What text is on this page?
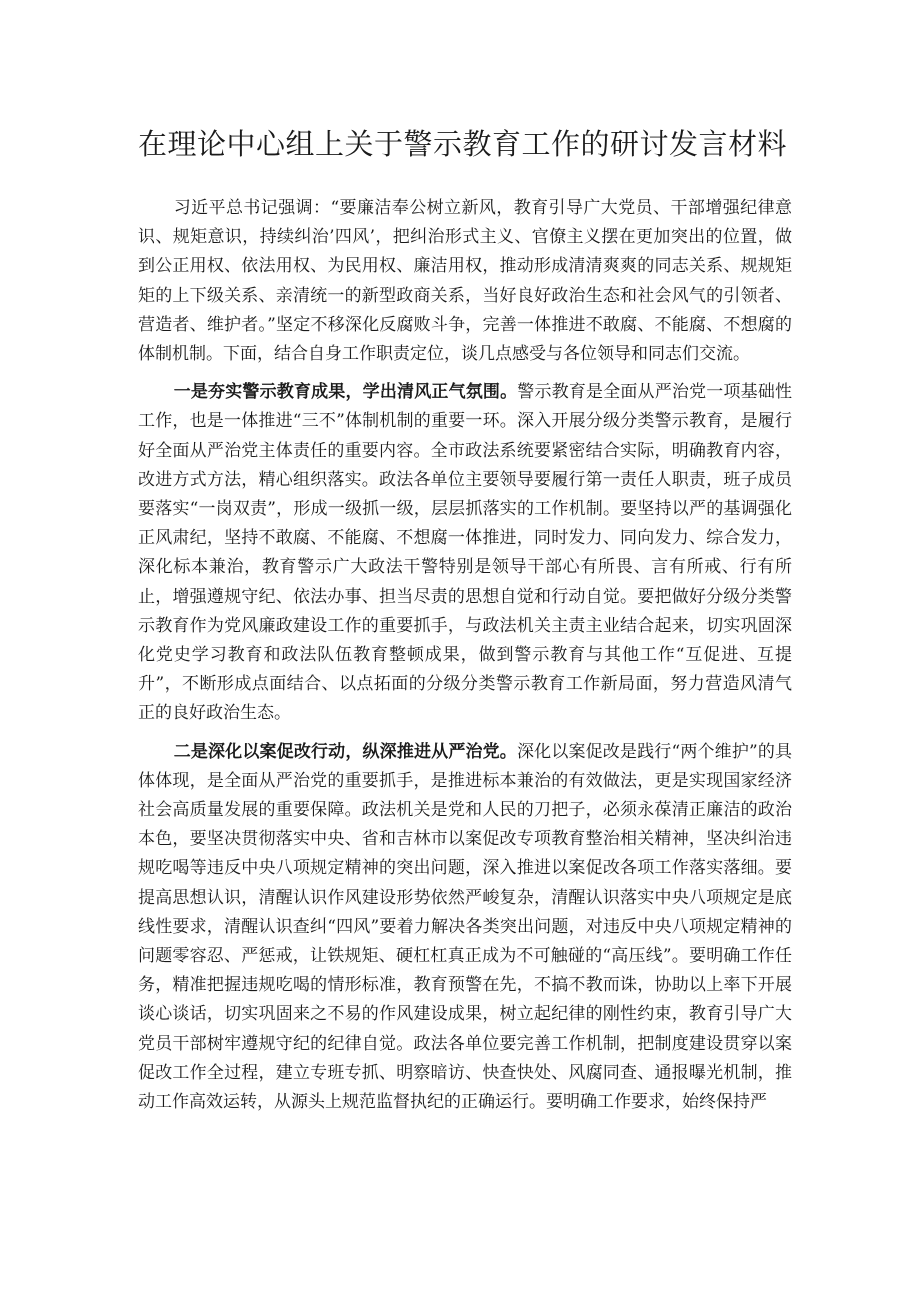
在理论中心组上关于警示教育工作的研讨发言材料

习近平总书记强调：“要廉洁奉公树立新风，教育引导广大党员、干部增强纪律意识、规矩意识，持续纠治’四风’，把纠治形式主义、官僚主义摆在更加突出的位置，做到公正用权、依法用权、为民用权、廉洁用权，推动形成清清爽爽的同志关系、规规矩矩的上下级关系、亲清统一的新型政商关系，当好良好政治生态和社会风气的引领者、营造者、维护者。”坚定不移深化反腐败斗争，完善一体推进不敢腐、不能腐、不想腐的体制机制。下面，结合自身工作职责定位，谈几点感受与各位领导和同志们交流。

一是夯实警示教育成果，学出清风正气氛围。警示教育是全面从严治党一项基础性工作，也是一体推进“三不”体制机制的重要一环。深入开展分级分类警示教育，是履行好全面从严治党主体责任的重要内容。全市政法系统要紧密结合实际，明确教育内容，改进方式方法，精心组织落实。政法各单位主要领导要履行第一责任人职责，班子成员要落实“一岗双责”，形成一级抓一级，层层抓落实的工作机制。要坚持以严的基调强化正风肃纪，坚持不敢腐、不能腐、不想腐一体推进，同时发力、同向发力、综合发力，深化标本兼治，教育警示广大政法干警特别是领导干部心有所畏、言有所戒、行有所止，增强遵规守纪、依法办事、担当尽责的思想自觉和行动自觉。要把做好分级分类警示教育作为党风廉政建设工作的重要抓手，与政法机关主责主业结合起来，切实巩固深化党史学习教育和政法队伍教育整顿成果，做到警示教育与其他工作“互促进、互提升”，不断形成点面结合、以点拓面的分级分类警示教育工作新局面，努力营造风清气正的良好政治生态。

二是深化以案促改行动，纵深推进从严治党。深化以案促改是践行“两个维护”的具体体现，是全面从严治党的重要抓手，是推进标本兼治的有效做法，更是实现国家经济社会高质量发展的重要保障。政法机关是党和人民的刀把子，必须永葆清正廉洁的政治本色，要坚决贯彻落实中央、省和吉林市以案促改专项教育整治相关精神，坚决纠治违规吃喝等违反中央八项规定精神的突出问题，深入推进以案促改各项工作落实落细。要提高思想认识，清醒认识作风建设形势依然严峻复杂，清醒认识落实中央八项规定是底线性要求，清醒认识查纠“四风”要着力解决各类突出问题，对违反中央八项规定精神的问题零容忍、严惩戒，让铁规矩、硬杠杠真正成为不可触碰的“高压线”。要明确工作任务，精准把握违规吃喝的情形标准，教育预警在先，不搞不教而诛，协助以上率下开展谈心谈话，切实巩固来之不易的作风建设成果，树立起纪律的刚性约束，教育引导广大党员干部树牢遵规守纪的纪律自觉。政法各单位要完善工作机制，把制度建设贯穿以案促改工作全过程，建立专班专抓、明察暗访、快查快处、风腐同查、通报曝光机制，推动工作高效运转，从源头上规范监督执纪的正确运行。要明确工作要求，始终保持严
